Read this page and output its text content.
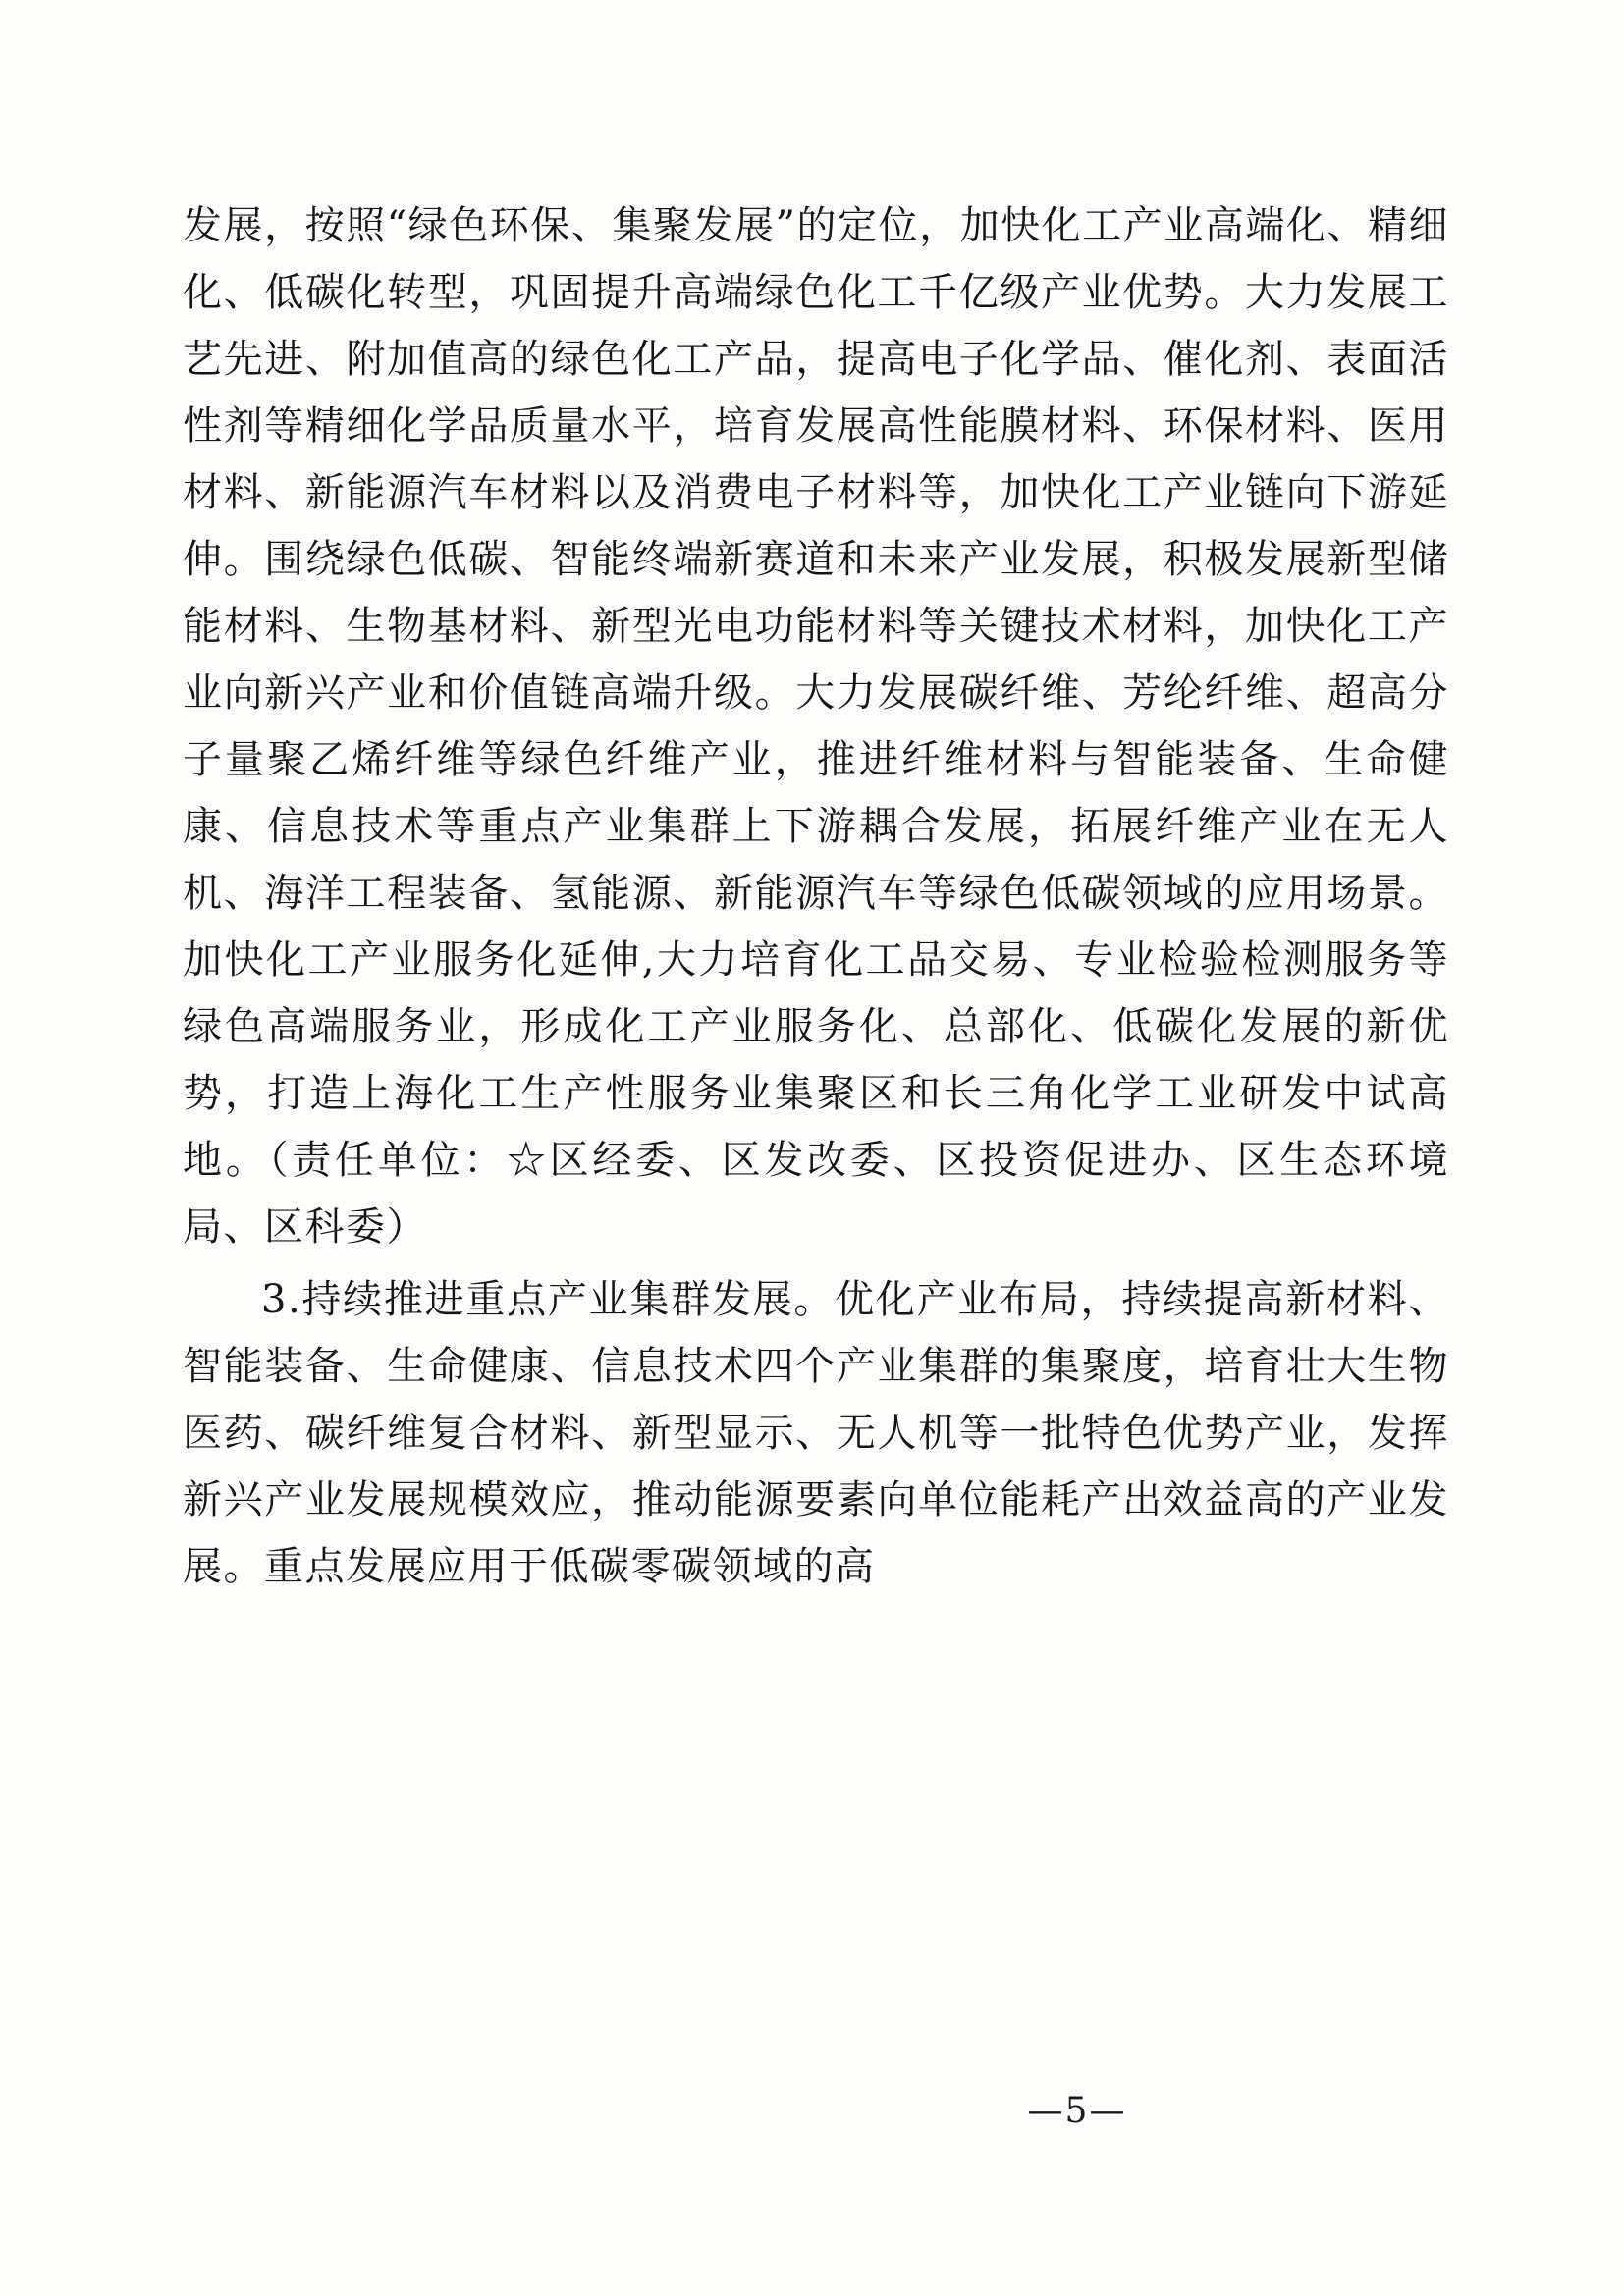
发展，按照“绿色环保、集聚发展”的定位，加快化工产业高端化、精细化、低碳化转型，巩固提升高端绿色化工千亿级产业优势。大力发展工艺先进、附加值高的绿色化工产品，提高电子化学品、催化剂、表面活性剂等精细化学品质量水平，培育发展高性能膜材料、环保材料、医用材料、新能源汽车材料以及消费电子材料等，加快化工产业链向下游延伸。围绕绿色低碳、智能终端新赛道和未来产业发展，积极发展新型储能材料、生物基材料、新型光电功能材料等关键技术材料，加快化工产业向新兴产业和价值链高端升级。大力发展碳纤维、芳纶纤维、超高分子量聚乙烯纤维等绿色纤维产业，推进纤维材料与智能装备、生命健康、信息技术等重点产业集群上下游耦合发展，拓展纤维产业在无人机、海洋工程装备、氢能源、新能源汽车等绿色低碳领域的应用场景。加快化工产业服务化延伸,大力培育化工品交易、专业检验检测服务等绿色高端服务业，形成化工产业服务化、总部化、低碳化发展的新优势，打造上海化工生产性服务业集聚区和长三角化学工业研发中试高地。（责任单位：☆区经委、区发改委、区投资促进办、区生态环境局、区科委）

3.持续推进重点产业集群发展。优化产业布局，持续提高新材料、智能装备、生命健康、信息技术四个产业集群的集聚度，培育壮大生物医药、碳纤维复合材料、新型显示、无人机等一批特色优势产业，发挥新兴产业发展规模效应，推动能源要素向单位能耗产出效益高的产业发展。重点发展应用于低碳零碳领域的高

—5—
